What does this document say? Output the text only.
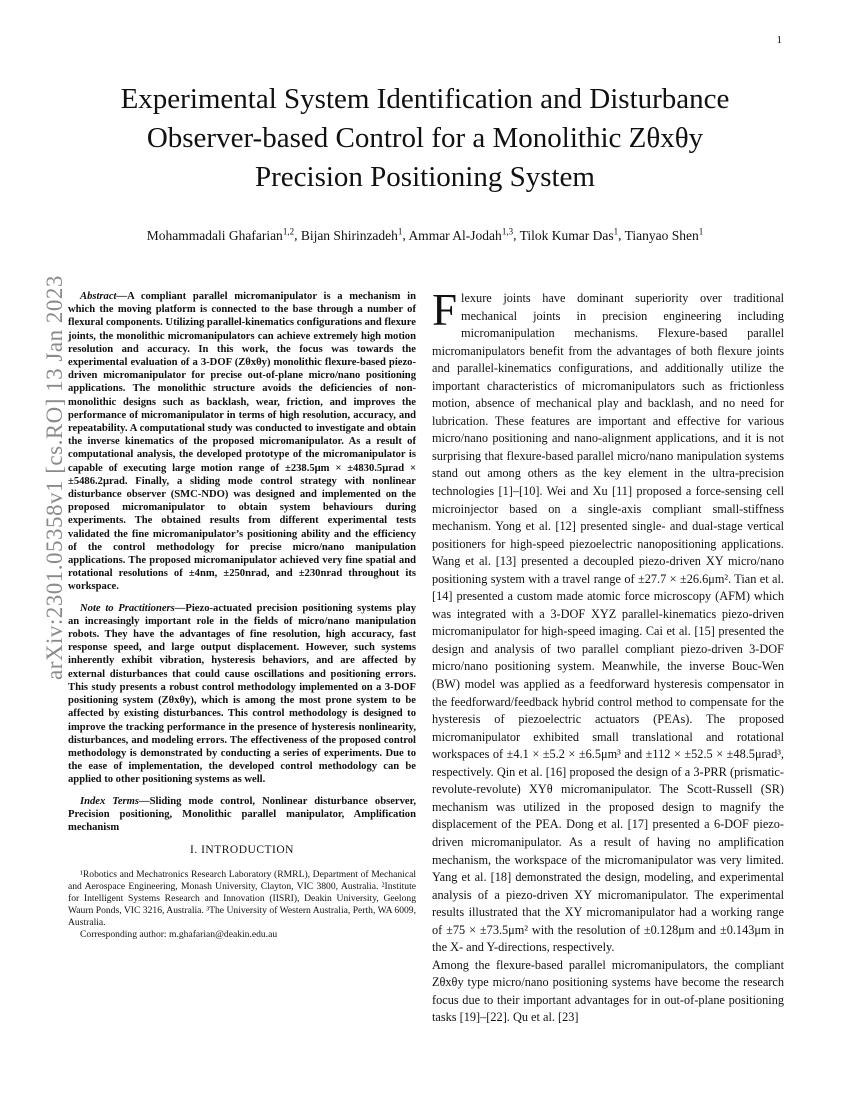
1
arXiv:2301.05358v1 [cs.RO] 13 Jan 2023
Experimental System Identification and Disturbance
Observer-based Control for a Monolithic Zθxθy
Precision Positioning System
Mohammadali Ghafarian$^{1,2}$, Bijan Shirinzadeh$^1$, Ammar Al-Jodah$^{1,3}$, Tilok Kumar Das$^1$, Tianyao Shen$^1$

Abstract—A compliant parallel micromanipulator is a mechanism in which the moving platform is connected to the base through a number of flexural components. Utilizing parallel-kinematics configurations and flexure joints, the monolithic micromanipulators can achieve extremely high motion resolution and accuracy. In this work, the focus was towards the experimental evaluation of a 3-DOF (Zθxθy) monolithic flexure-based piezo-driven micromanipulator for precise out-of-plane micro/nano positioning applications. The monolithic structure avoids the deficiencies of non-monolithic designs such as backlash, wear, friction, and improves the performance of micromanipulator in terms of high resolution, accuracy, and repeatability. A computational study was conducted to investigate and obtain the inverse kinematics of the proposed micromanipulator. As a result of computational analysis, the developed prototype of the micromanipulator is capable of executing large motion range of ±238.5μm × ±4830.5μrad × ±5486.2μrad. Finally, a sliding mode control strategy with nonlinear disturbance observer (SMC-NDO) was designed and implemented on the proposed micromanipulator to obtain system behaviours during experiments. The obtained results from different experimental tests validated the fine micromanipulator’s positioning ability and the efficiency of the control methodology for precise micro/nano manipulation applications. The proposed micromanipulator achieved very fine spatial and rotational resolutions of ±4nm, ±250nrad, and ±230nrad throughout its workspace.

Note to Practitioners—Piezo-actuated precision positioning systems play an increasingly important role in the fields of micro/nano manipulation robots. They have the advantages of fine resolution, high accuracy, fast response speed, and large output displacement. However, such systems inherently exhibit vibration, hysteresis behaviors, and are affected by external disturbances that could cause oscillations and positioning errors. This study presents a robust control methodology implemented on a 3-DOF positioning system (Zθxθy), which is among the most prone system to be affected by existing disturbances. This control methodology is designed to improve the tracking performance in the presence of hysteresis nonlinearity, disturbances, and modeling errors. The effectiveness of the proposed control methodology is demonstrated by conducting a series of experiments. Due to the ease of implementation, the developed control methodology can be applied to other positioning systems as well.

Index Terms—Sliding mode control, Nonlinear disturbance observer, Precision positioning, Monolithic parallel manipulator, Amplification mechanism

I. INTRODUCTION

¹Robotics and Mechatronics Research Laboratory (RMRL), Department of Mechanical and Aerospace Engineering, Monash University, Clayton, VIC 3800, Australia. ²Institute for Intelligent Systems Research and Innovation (IISRI), Deakin University, Geelong Waurn Ponds, VIC 3216, Australia. ³The University of Western Australia, Perth, WA 6009, Australia.

Corresponding author: m.ghafarian@deakin.edu.au

Flexure joints have dominant superiority over traditional mechanical joints in precision engineering including micromanipulation mechanisms. Flexure-based parallel micromanipulators benefit from the advantages of both flexure joints and parallel-kinematics configurations, and additionally utilize the important characteristics of micromanipulators such as frictionless motion, absence of mechanical play and backlash, and no need for lubrication. These features are important and effective for various micro/nano positioning and nano-alignment applications, and it is not surprising that flexure-based parallel micro/nano manipulation systems stand out among others as the key element in the ultra-precision technologies [1]–[10]. Wei and Xu [11] proposed a force-sensing cell microinjector based on a single-axis compliant small-stiffness mechanism. Yong et al. [12] presented single- and dual-stage vertical positioners for high-speed piezoelectric nanopositioning applications. Wang et al. [13] presented a decoupled piezo-driven XY micro/nano positioning system with a travel range of ±27.7 × ±26.6μm². Tian et al. [14] presented a custom made atomic force microscopy (AFM) which was integrated with a 3-DOF XYZ parallel-kinematics piezo-driven micromanipulator for high-speed imaging. Cai et al. [15] presented the design and analysis of two parallel compliant piezo-driven 3-DOF micro/nano positioning system. Meanwhile, the inverse Bouc-Wen (BW) model was applied as a feedforward hysteresis compensator in the feedforward/feedback hybrid control method to compensate for the hysteresis of piezoelectric actuators (PEAs). The proposed micromanipulator exhibited small translational and rotational workspaces of ±4.1 × ±5.2 × ±6.5μm³ and ±112 × ±52.5 × ±48.5μrad³, respectively. Qin et al. [16] proposed the design of a 3-PRR (prismatic-revolute-revolute) XYθ micromanipulator. The Scott-Russell (SR) mechanism was utilized in the proposed design to magnify the displacement of the PEA. Dong et al. [17] presented a 6-DOF piezo-driven micromanipulator. As a result of having no amplification mechanism, the workspace of the micromanipulator was very limited. Yang et al. [18] demonstrated the design, modeling, and experimental analysis of a piezo-driven XY micromanipulator. The experimental results illustrated that the XY micromanipulator had a working range of ±75 × ±73.5μm² with the resolution of ±0.128μm and ±0.143μm in the X- and Y-directions, respectively.

Among the flexure-based parallel micromanipulators, the compliant Zθxθy type micro/nano positioning systems have become the research focus due to their important advantages for in out-of-plane positioning tasks [19]–[22]. Qu et al. [23]
